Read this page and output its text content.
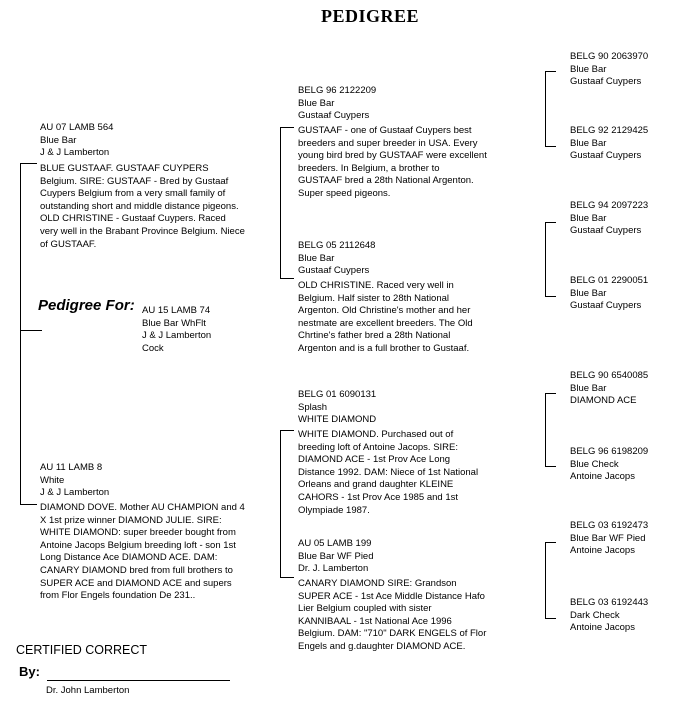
PEDIGREE
Pedigree For: AU 15 LAMB 74
Blue Bar WhFlt
J & J Lamberton
Cock
AU 07 LAMB 564
Blue Bar
J & J Lamberton
BLUE GUSTAAF. GUSTAAF CUYPERS
Belgium. SIRE: GUSTAAF - Bred by Gustaaf
Cuypers Belgium from a very small family of
outstanding short and middle distance pigeons.
OLD CHRISTINE - Gustaaf Cuypers. Raced
very well in the Brabant Province Belgium. Niece
of GUSTAAF.
AU 11 LAMB 8
White
J & J Lamberton
DIAMOND DOVE. Mother AU CHAMPION and 4
X 1st prize winner DIAMOND JULIE. SIRE:
WHITE DIAMOND: super breeder bought from
Antoine Jacops Belgium breeding loft - son 1st
Long Distance Ace DIAMOND ACE. DAM:
CANARY DIAMOND bred from full brothers to
SUPER ACE and DIAMOND ACE and supers
from Flor Engels foundation De 231..
BELG 96 2122209
Blue Bar
Gustaaf Cuypers
GUSTAAF - one of Gustaaf Cuypers best
breeders and super breeder in USA. Every
young bird bred by GUSTAAF were excellent
breeders. In Belgium, a brother to
GUSTAAF bred a 28th National Argenton.
Super speed pigeons.
BELG 05 2112648
Blue Bar
Gustaaf Cuypers
OLD CHRISTINE. Raced very well in
Belgium. Half sister to 28th National
Argenton. Old Christine's mother and her
nestmate are excellent breeders. The Old
Chrtine's father bred a 28th National
Argenton and is a full brother to Gustaaf.
BELG 01 6090131
Splash
WHITE DIAMOND
WHITE DIAMOND. Purchased out of
breeding loft of Antoine Jacops. SIRE:
DIAMOND ACE - 1st Prov Ace Long
Distance 1992. DAM: Niece of 1st National
Orleans and grand daughter KLEINE
CAHORS - 1st Prov Ace 1985 and 1st
Olympiade 1987.
AU 05 LAMB 199
Blue Bar WF Pied
Dr. J. Lamberton
CANARY DIAMOND SIRE: Grandson
SUPER ACE - 1st Ace Middle Distance Hafo
Lier Belgium coupled with sister
KANNIBAAL - 1st National Ace 1996
Belgium. DAM: "710" DARK ENGELS of Flor
Engels and g.daughter DIAMOND ACE.
BELG 90 2063970
Blue Bar
Gustaaf Cuypers
BELG 92 2129425
Blue Bar
Gustaaf Cuypers
BELG 94 2097223
Blue Bar
Gustaaf Cuypers
BELG 01 2290051
Blue Bar
Gustaaf Cuypers
BELG 90 6540085
Blue Bar
DIAMOND ACE
BELG 96 6198209
Blue Check
Antoine Jacops
BELG 03 6192473
Blue Bar WF Pied
Antoine Jacops
BELG 03 6192443
Dark Check
Antoine Jacops
CERTIFIED CORRECT
By:
Dr. John Lamberton
